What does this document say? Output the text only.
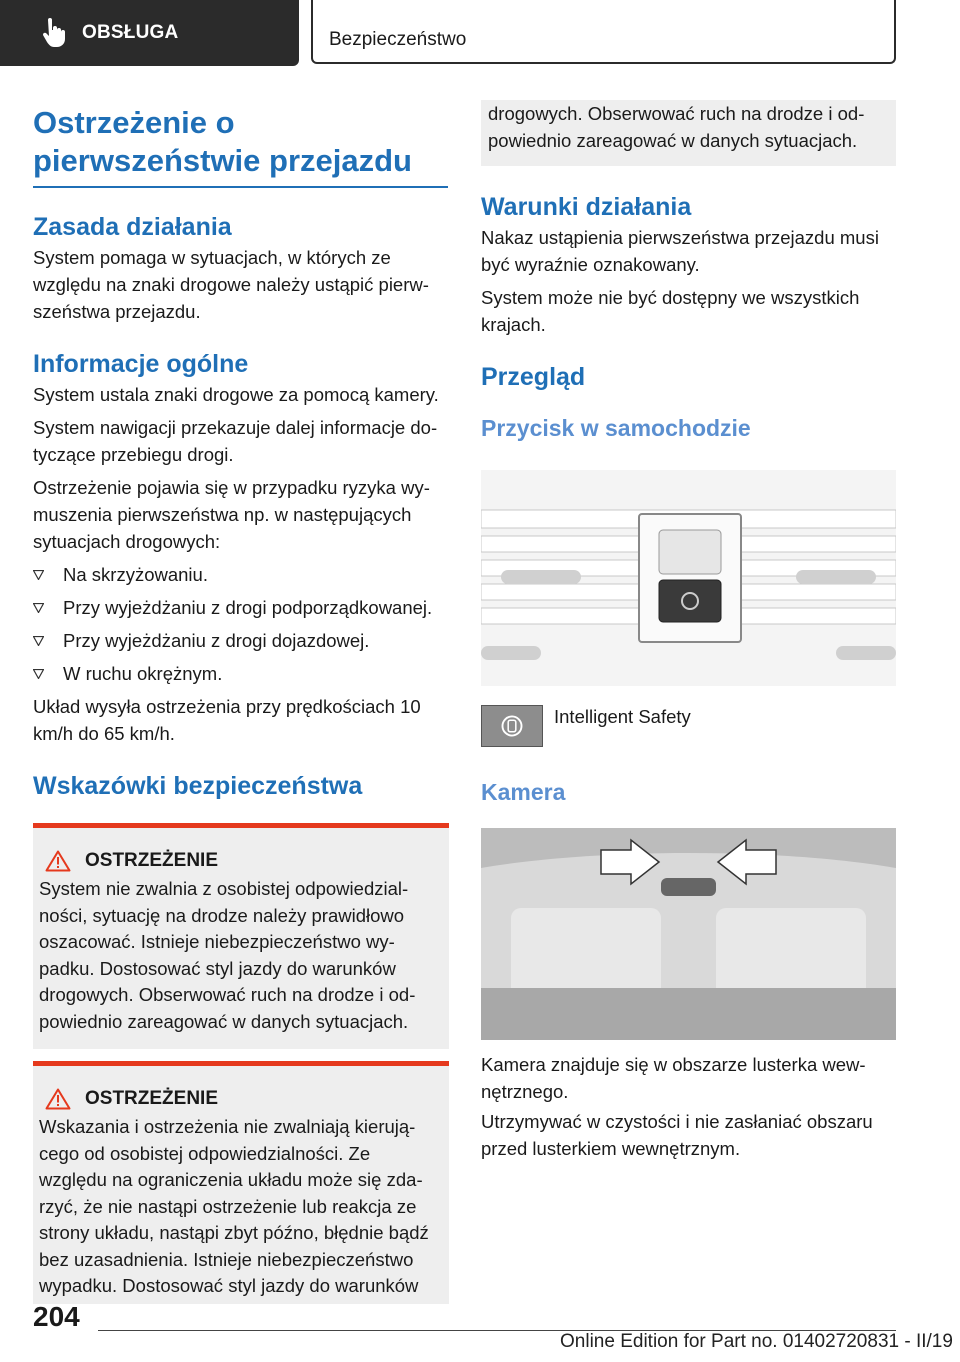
OBSŁUGA	Bezpieczeństwo
Ostrzeżenie o pierwszeństwie przejazdu
Zasada działania

System pomaga w sytuacjach, w których ze względu na znaki drogowe należy ustąpić pierwszeństwa przejazdu.

Informacje ogólne

System ustala znaki drogowe za pomocą kamery.

System nawigacji przekazuje dalej informacje dotyczące przebiegu drogi.

Ostrzeżenie pojawia się w przypadku ryzyka wymuszenia pierwszeństwa np. w następujących sytuacjach drogowych:

Na skrzyżowaniu.
Przy wyjeżdżaniu z drogi podporządkowanej.
Przy wyjeżdżaniu z drogi dojazdowej.
W ruchu okrężnym.

Układ wysyła ostrzeżenia przy prędkościach 10 km/h do 65 km/h.

Wskazówki bezpieczeństwa
OSTRZEŻENIE

System nie zwalnia z osobistej odpowiedzialności, sytuację na drodze należy prawidłowo oszacować. Istnieje niebezpieczeństwo wypadku. Dostosować styl jazdy do warunków drogowych. Obserwować ruch na drodze i odpowiednio zareagować w danych sytuacjach.

OSTRZEŻENIE

Wskazania i ostrzeżenia nie zwalniają kierującego od osobistej odpowiedzialności. Ze względu na ograniczenia układu może się zdarzyć, że nie nastąpi ostrzeżenie lub reakcja ze strony układu, nastąpi zbyt późno, błędnie bądź bez uzasadnienia. Istnieje niebezpieczeństwo wypadku. Dostosować styl jazdy do warunków

drogowych. Obserwować ruch na drodze i odpowiednio zareagować w danych sytuacjach.

Warunki działania

Nakaz ustąpienia pierwszeństwa przejazdu musi być wyraźnie oznakowany.

System może nie być dostępny we wszystkich krajach.

Przegląd
Przycisk w samochodzie

Intelligent Safety

Kamera

Kamera znajduje się w obszarze lusterka wewnętrznego.

Utrzymywać w czystości i nie zasłaniać obszaru przed lusterkiem wewnętrznym.

204
Online Edition for Part no. 01402720831 - II/19
